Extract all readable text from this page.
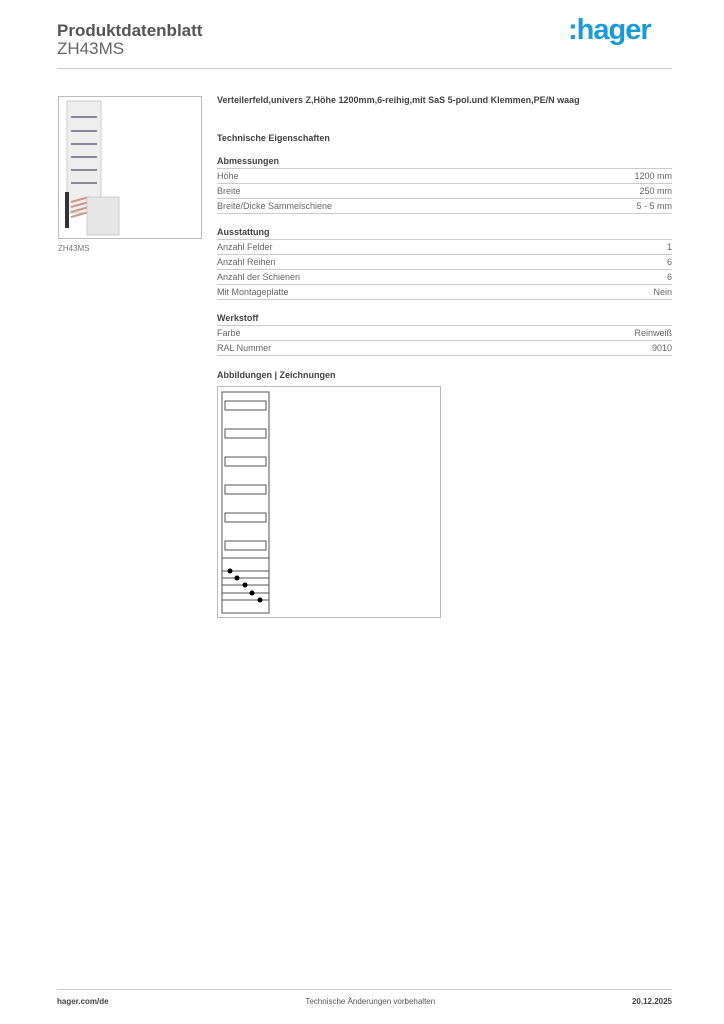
Produktdatenblatt
ZH43MS
:hager
ZH43MS
Verteilerfeld,univers Z,Höhe 1200mm,6-reihig,mit SaS 5-pol.und Klemmen,PE/N waag
Technische Eigenschaften
Abmessungen
Höhe	1200 mm
Breite	250 mm
Breite/Dicke Sammelschiene	5 - 5 mm
Ausstattung
Anzahl Felder	1
Anzahl Reihen	6
Anzahl der Schienen	6
Mit Montageplatte	Nein
Werkstoff
Farbe	Reinweiß
RAL Nummer	9010
Abbildungen | Zeichnungen
hager.com/de	Technische Änderungen vorbehalten	20.12.2025
